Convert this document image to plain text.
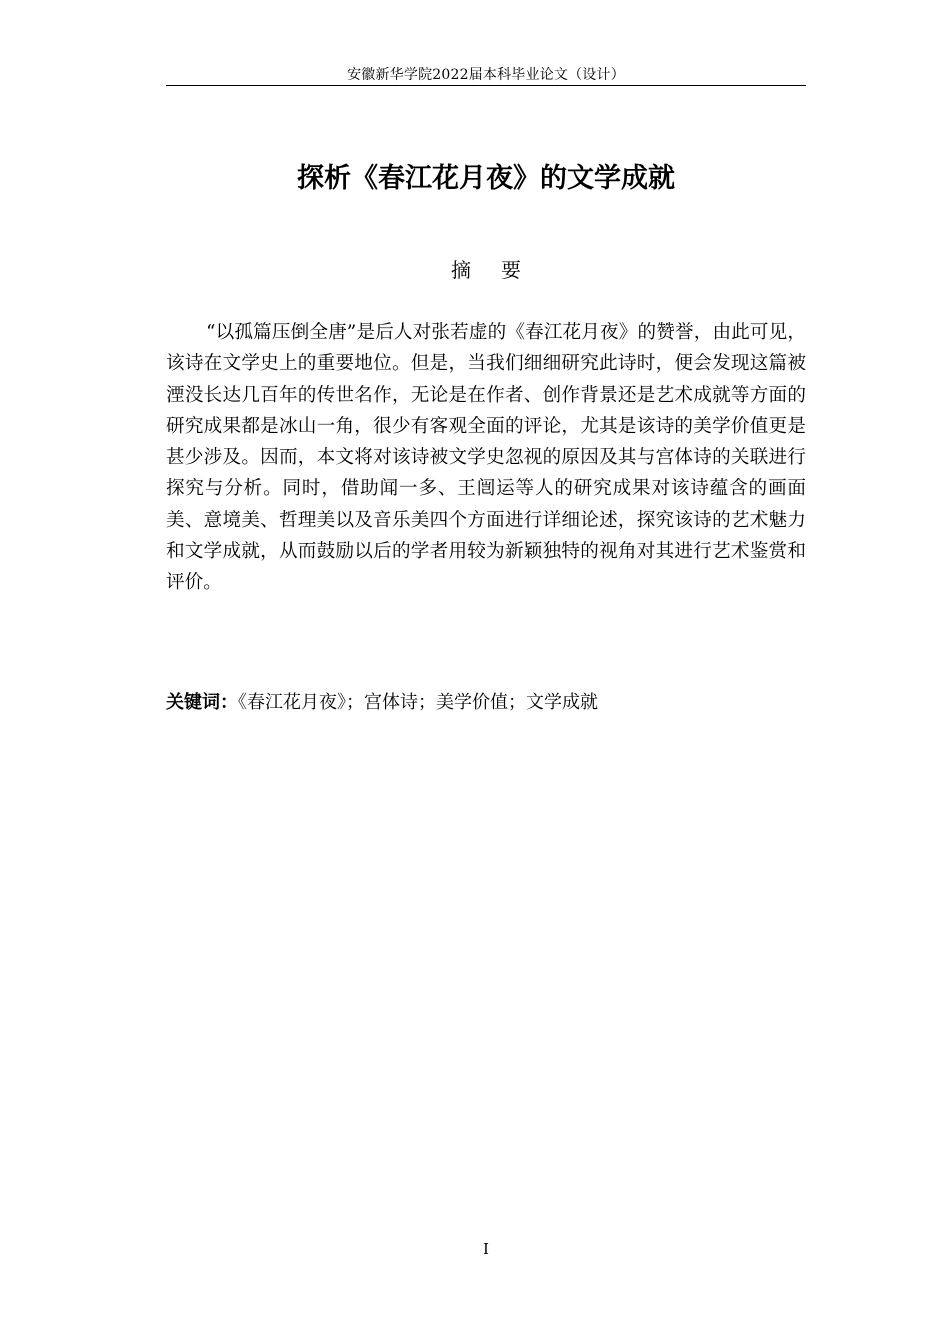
安徽新华学院2022届本科毕业论文（设计）
探析《春江花月夜》的文学成就
摘要

“以孤篇压倒全唐”是后人对张若虚的《春江花月夜》的赞誉，由此可见，该诗在文学史上的重要地位。但是，当我们细细研究此诗时，便会发现这篇被湮没长达几百年的传世名作，无论是在作者、创作背景还是艺术成就等方面的研究成果都是冰山一角，很少有客观全面的评论，尤其是该诗的美学价值更是甚少涉及。因而，本文将对该诗被文学史忽视的原因及其与宫体诗的关联进行探究与分析。同时，借助闻一多、王闿运等人的研究成果对该诗蕴含的画面美、意境美、哲理美以及音乐美四个方面进行详细论述，探究该诗的艺术魅力和文学成就，从而鼓励以后的学者用较为新颖独特的视角对其进行艺术鉴赏和评价。

关键词：《春江花月夜》；宫体诗；美学价值；文学成就
I
